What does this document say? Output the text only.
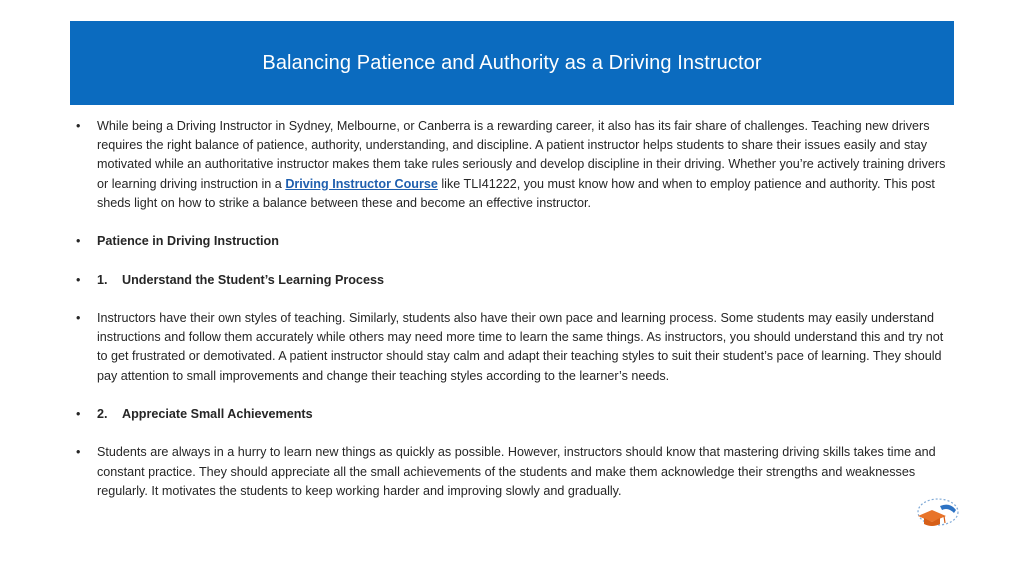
Balancing Patience and Authority as a Driving Instructor
•	While being a Driving Instructor in Sydney, Melbourne, or Canberra is a rewarding career, it also has its fair share of challenges. Teaching new drivers requires the right balance of patience, authority, understanding, and discipline. A patient instructor helps students to share their issues easily and stay motivated while an authoritative instructor makes them take rules seriously and develop discipline in their driving. Whether you’re actively training drivers or learning driving instruction in a Driving Instructor Course like TLI41222, you must know how and when to employ patience and authority. This post sheds light on how to strike a balance between these and become an effective instructor.
•	Patience in Driving Instruction
•	1. Understand the Student’s Learning Process
•	Instructors have their own styles of teaching. Similarly, students also have their own pace and learning process. Some students may easily understand instructions and follow them accurately while others may need more time to learn the same things. As instructors, you should understand this and try not to get frustrated or demotivated. A patient instructor should stay calm and adapt their teaching styles to suit their student’s pace of learning. They should pay attention to small improvements and change their teaching styles according to the learner’s needs.
•	2. Appreciate Small Achievements
•	Students are always in a hurry to learn new things as quickly as possible. However, instructors should know that mastering driving skills takes time and constant practice. They should appreciate all the small achievements of the students and make them acknowledge their strengths and weaknesses regularly. It motivates the students to keep working harder and improving slowly and gradually.
